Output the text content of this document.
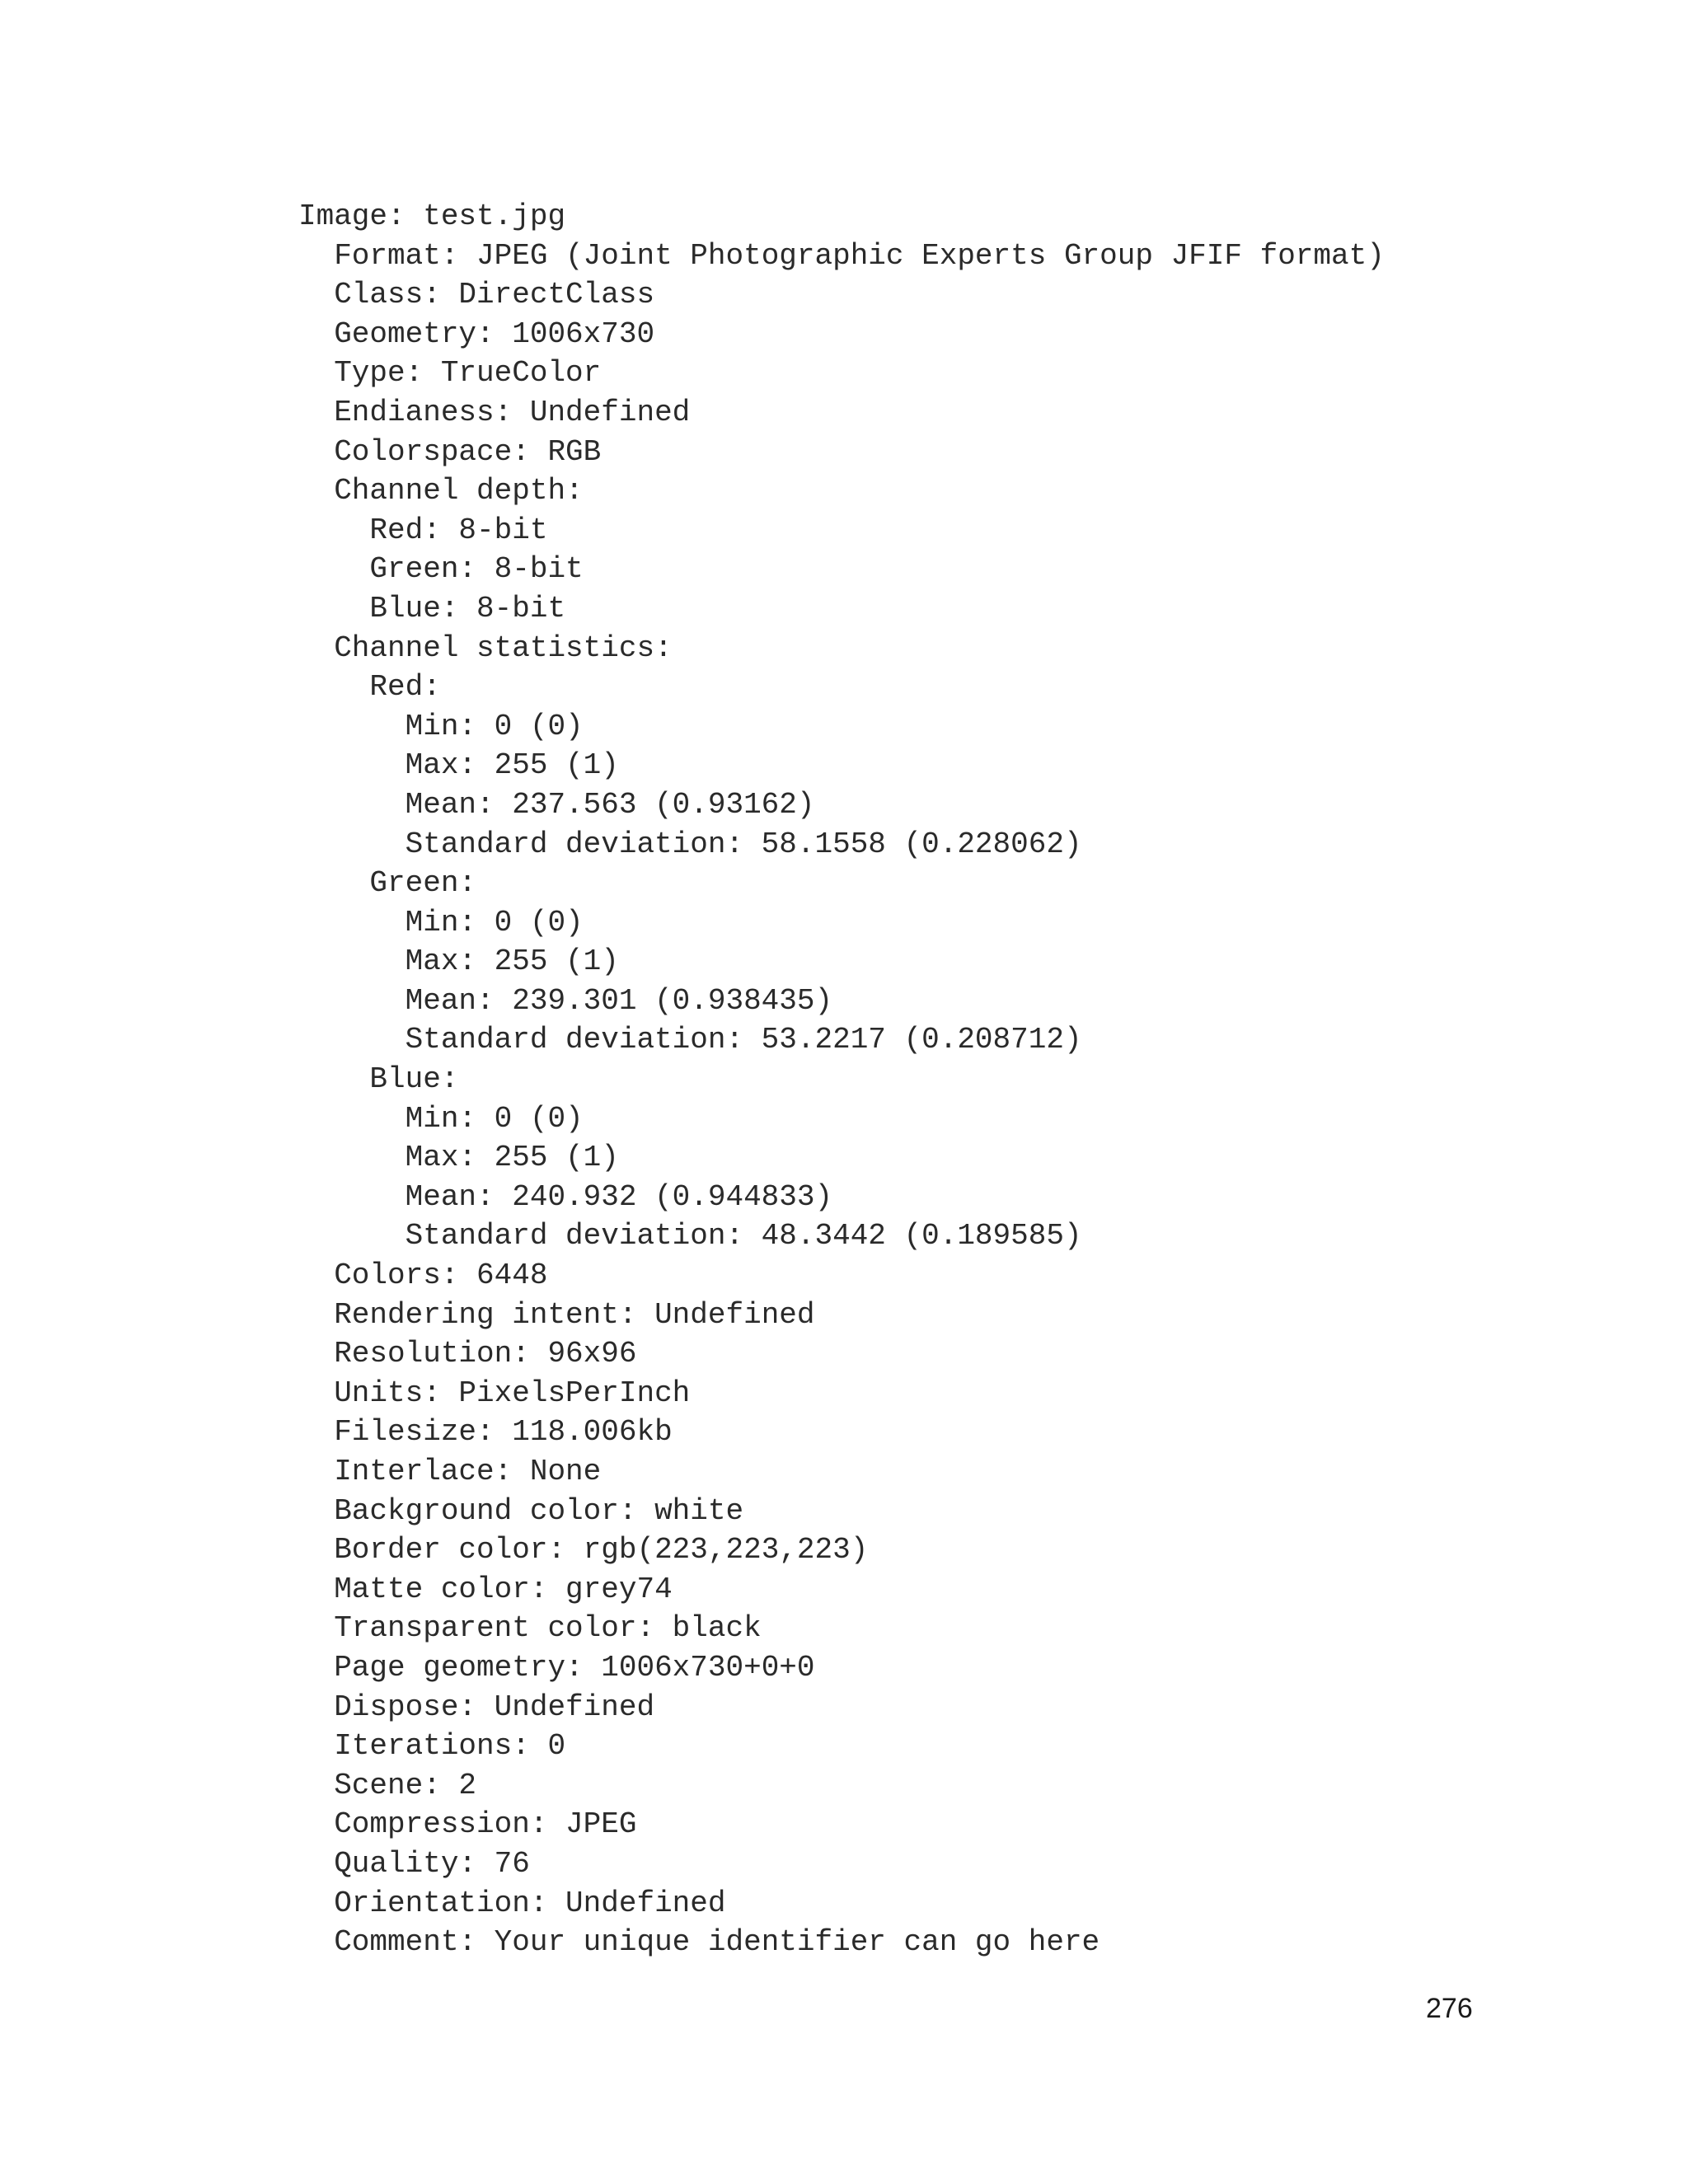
Image: test.jpg
Format: JPEG (Joint Photographic Experts Group JFIF format)
Class: DirectClass
Geometry: 1006x730
Type: TrueColor
Endianess: Undefined
Colorspace: RGB
Channel depth:
Red: 8-bit
Green: 8-bit
Blue: 8-bit
Channel statistics:
Red:
Min: 0 (0)
Max: 255 (1)
Mean: 237.563 (0.93162)
Standard deviation: 58.1558 (0.228062)
Green:
Min: 0 (0)
Max: 255 (1)
Mean: 239.301 (0.938435)
Standard deviation: 53.2217 (0.208712)
Blue:
Min: 0 (0)
Max: 255 (1)
Mean: 240.932 (0.944833)
Standard deviation: 48.3442 (0.189585)
Colors: 6448
Rendering intent: Undefined
Resolution: 96x96
Units: PixelsPerInch
Filesize: 118.006kb
Interlace: None
Background color: white
Border color: rgb(223,223,223)
Matte color: grey74
Transparent color: black
Page geometry: 1006x730+0+0
Dispose: Undefined
Iterations: 0
Scene: 2
Compression: JPEG
Quality: 76
Orientation: Undefined
Comment: Your unique identifier can go here
276
